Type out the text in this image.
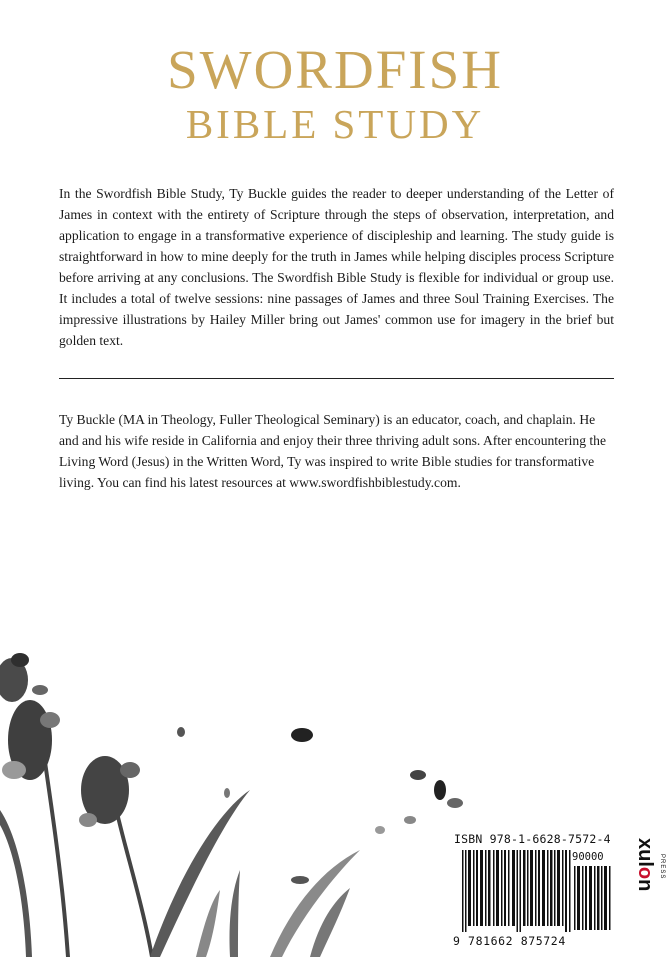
SWORDFISH
BIBLE STUDY
In the Swordfish Bible Study, Ty Buckle guides the reader to deeper understanding of the Letter of James in context with the entirety of Scripture through the steps of observation, interpretation, and application to engage in a transformative experience of discipleship and learning. The study guide is straightforward in how to mine deeply for the truth in James while helping disciples process Scripture before arriving at any conclusions. The Swordfish Bible Study is flexible for individual or group use. It includes a total of twelve sessions: nine passages of James and three Soul Training Exercises. The impressive illustrations by Hailey Miller bring out James' common use for imagery in the brief but golden text.
Ty Buckle (MA in Theology, Fuller Theological Seminary) is an educator, coach, and chaplain. He and and his wife reside in California and enjoy their three thriving adult sons. After encountering the Living Word (Jesus) in the Written Word, Ty was inspired to write Bible studies for transformative living. You can find his latest resources at www.swordfishbiblestudy.com.
ISBN 978-1-6628-7572-4
90000
9 781662 875724
xulon
PRESS
